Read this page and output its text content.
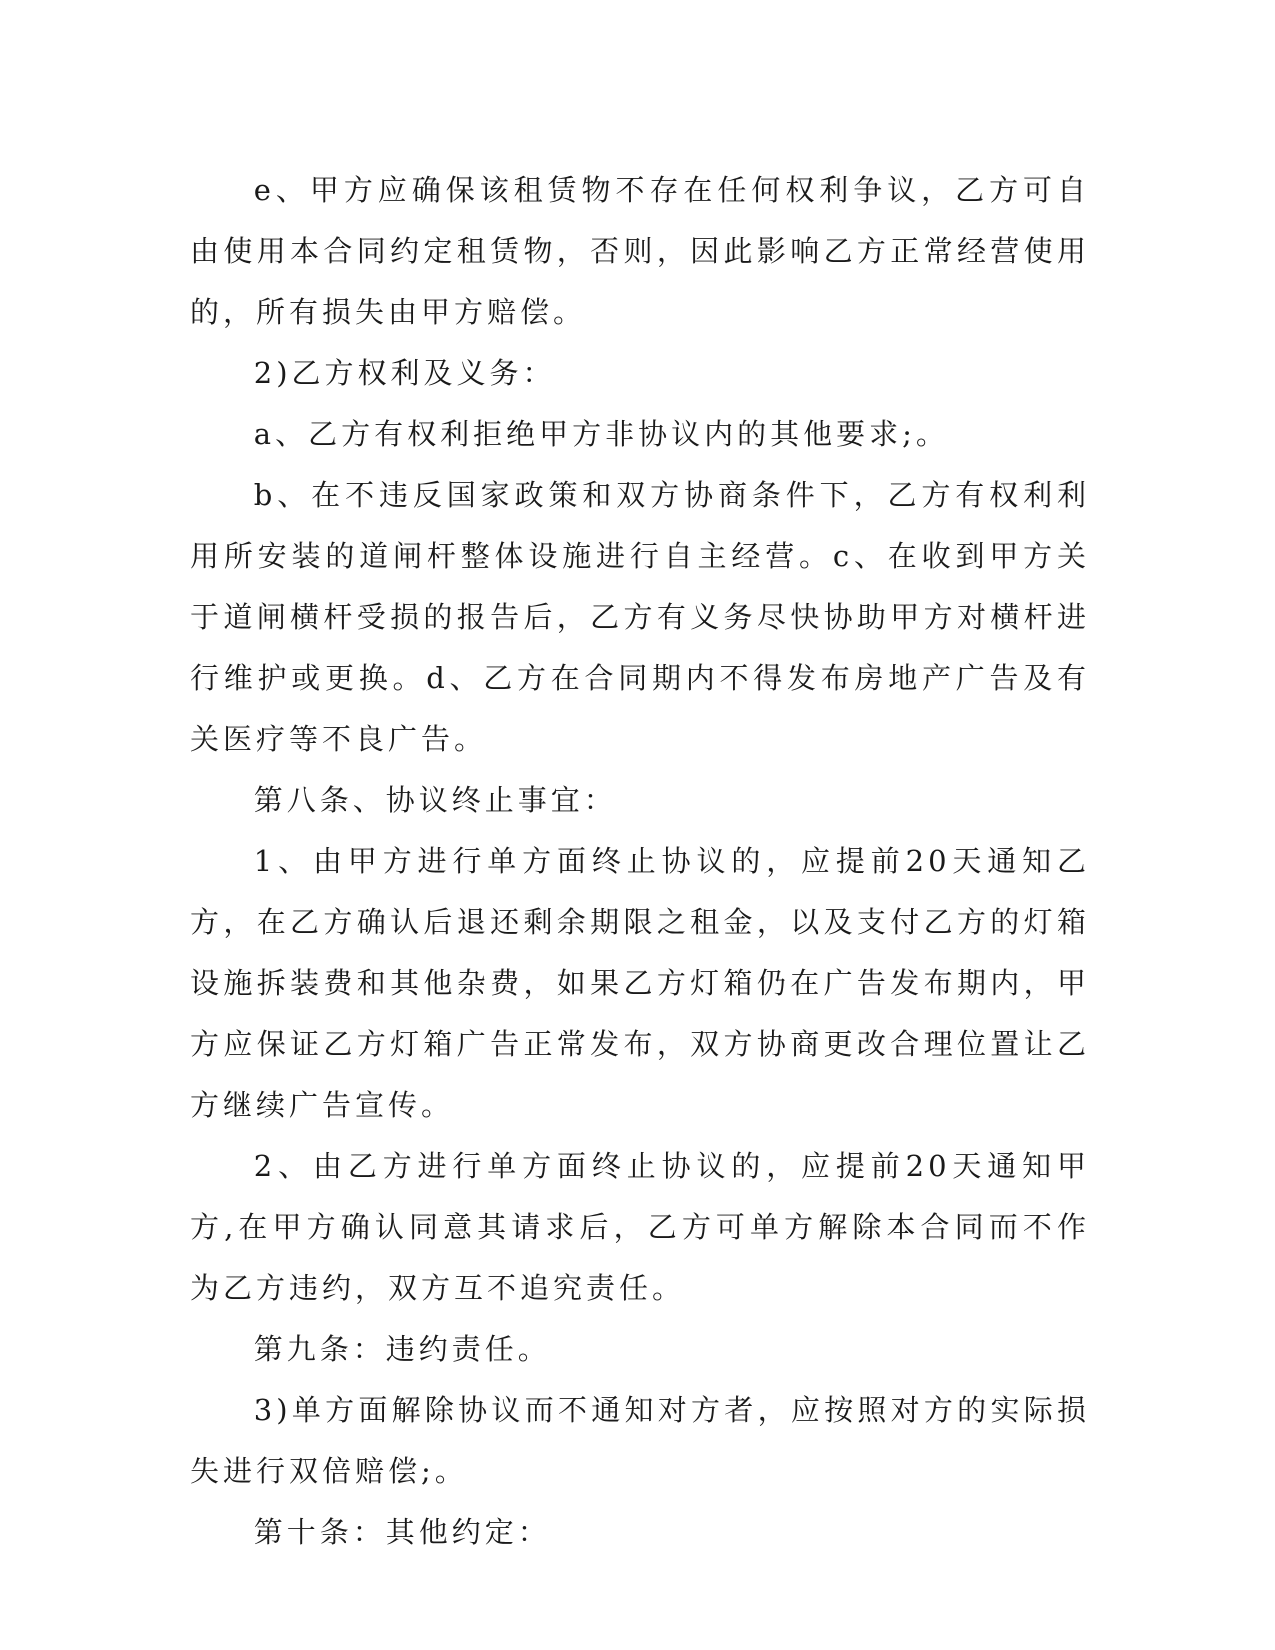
e、甲方应确保该租赁物不存在任何权利争议，乙方可自由使用本合同约定租赁物，否则，因此影响乙方正常经营使用的，所有损失由甲方赔偿。

2)乙方权利及义务：

a、乙方有权利拒绝甲方非协议内的其他要求;。

b、在不违反国家政策和双方协商条件下，乙方有权利利用所安装的道闸杆整体设施进行自主经营。c、在收到甲方关于道闸横杆受损的报告后，乙方有义务尽快协助甲方对横杆进行维护或更换。d、乙方在合同期内不得发布房地产广告及有关医疗等不良广告。

第八条、协议终止事宜：

1、由甲方进行单方面终止协议的，应提前20天通知乙方，在乙方确认后退还剩余期限之租金，以及支付乙方的灯箱设施拆装费和其他杂费，如果乙方灯箱仍在广告发布期内，甲方应保证乙方灯箱广告正常发布，双方协商更改合理位置让乙方继续广告宣传。

2、由乙方进行单方面终止协议的，应提前20天通知甲方,在甲方确认同意其请求后，乙方可单方解除本合同而不作为乙方违约，双方互不追究责任。

第九条：违约责任。

3)单方面解除协议而不通知对方者，应按照对方的实际损失进行双倍赔偿;。

第十条：其他约定：
